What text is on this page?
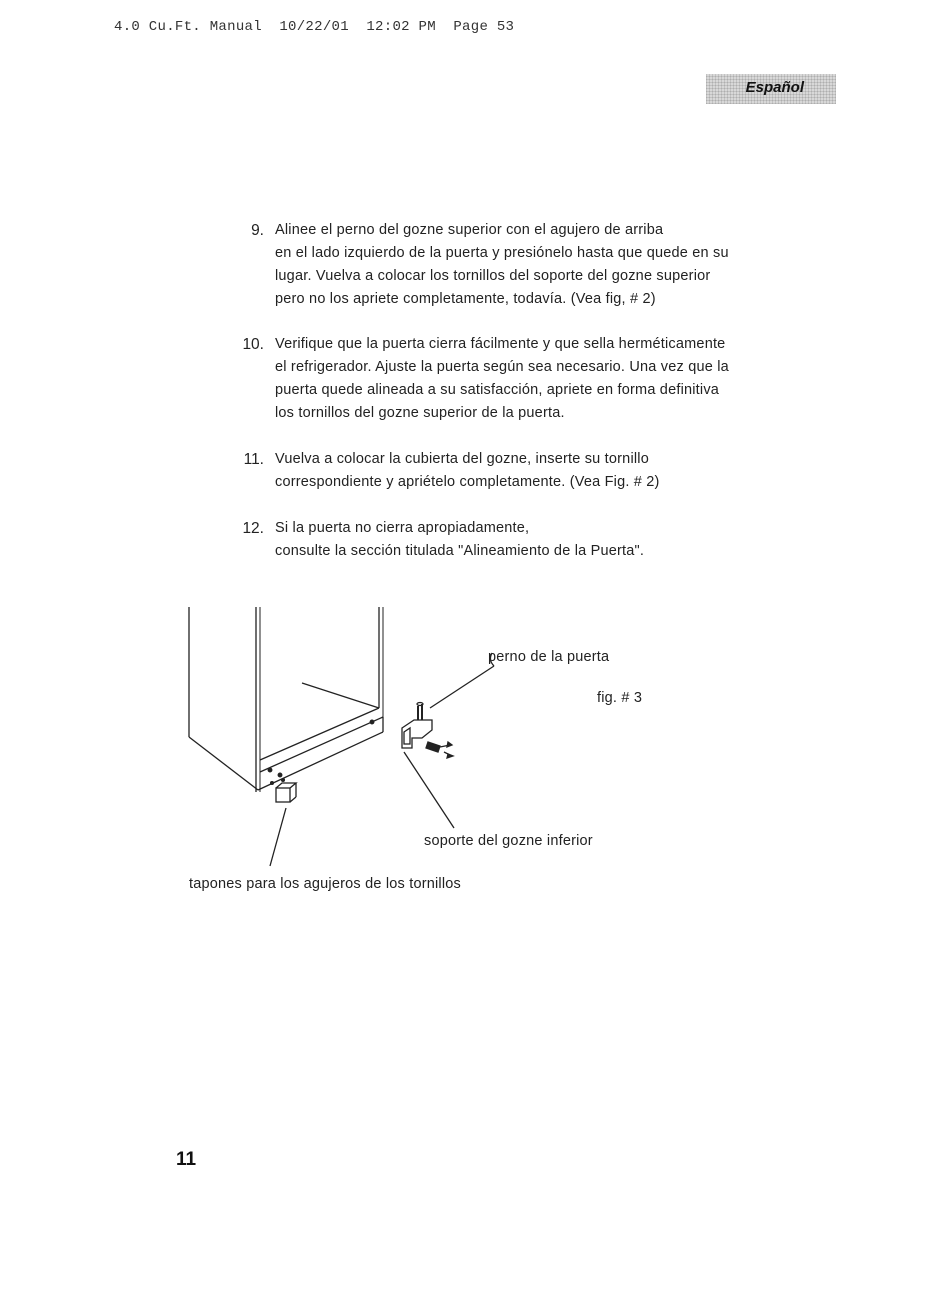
4.0 Cu.Ft. Manual  10/22/01  12:02 PM  Page 53
Español
9. Alinee el perno del gozne superior con el agujero de arriba
en el lado izquierdo de la puerta y presiónelo hasta que quede en su
lugar. Vuelva a colocar los tornillos del soporte del gozne superior
pero no los apriete completamente, todavía. (Vea fig, # 2)
10. Verifique que la puerta cierra fácilmente y que sella herméticamente
el refrigerador. Ajuste la puerta según sea necesario. Una vez que la
puerta quede alineada a su satisfacción, apriete en forma definitiva
los tornillos del gozne superior de la puerta.
11. Vuelva a colocar la cubierta del gozne, inserte su tornillo
correspondiente y apriételo completamente. (Vea Fig. # 2)
12. Si la puerta no cierra apropiadamente,
consulte la sección titulada "Alineamiento de la Puerta".
perno de la puerta
fig. # 3
soporte del gozne inferior
tapones para los agujeros de los tornillos
11
